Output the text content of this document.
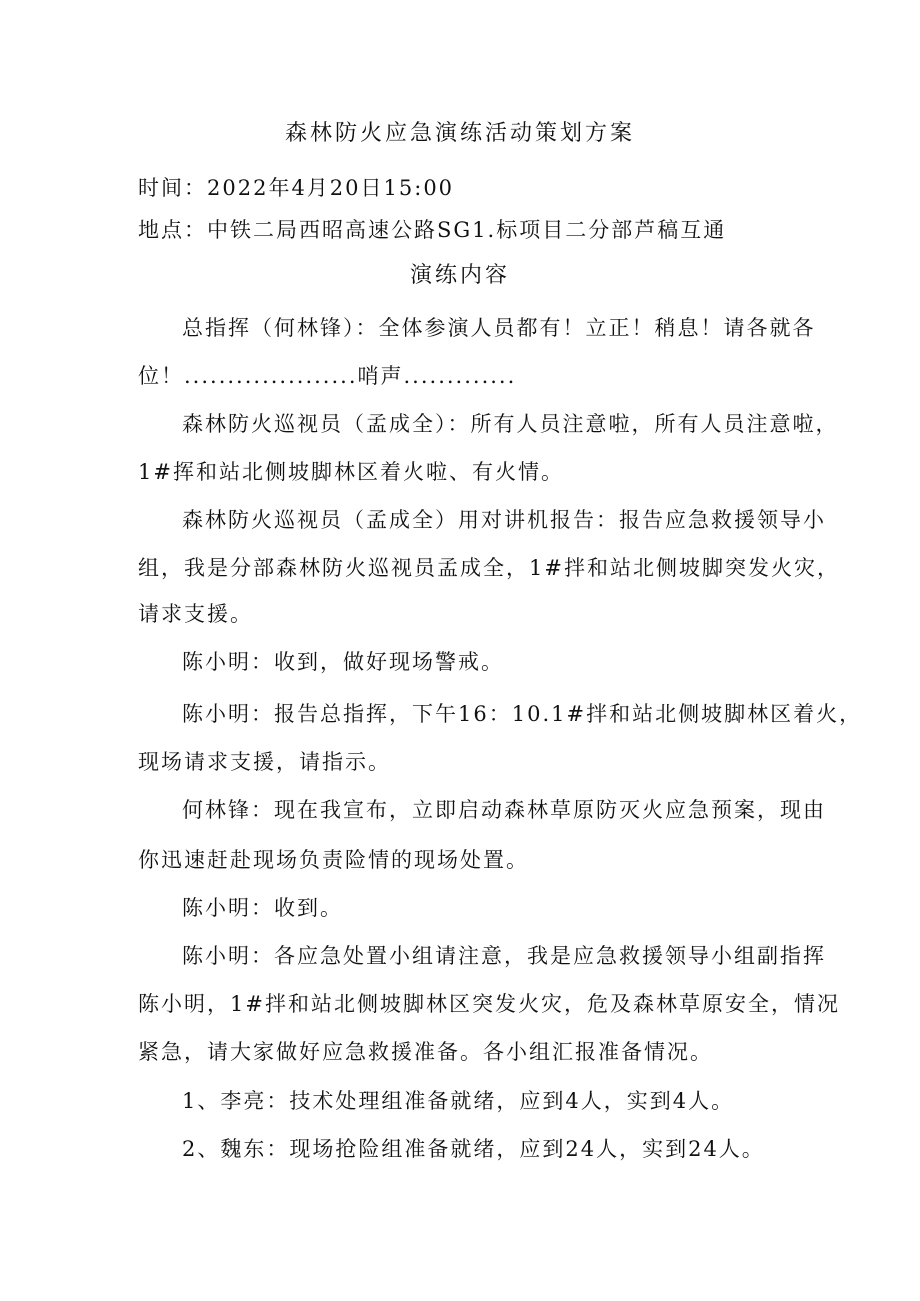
森林防火应急演练活动策划方案
时间：2022年4月20日15:00
地点：中铁二局西昭高速公路SG1.标项目二分部芦稿互通
演练内容
总指挥（何林锋）：全体参演人员都有！立正！稍息！请各就各
位！....................哨声.............
森林防火巡视员（孟成全）：所有人员注意啦，所有人员注意啦，
1#挥和站北侧坡脚林区着火啦、有火情。
森林防火巡视员（孟成全）用对讲机报告：报告应急救援领导小
组，我是分部森林防火巡视员孟成全，1#拌和站北侧坡脚突发火灾，
请求支援。
陈小明：收到，做好现场警戒。
陈小明：报告总指挥，下午16：10.1#拌和站北侧坡脚林区着火，
现场请求支援，请指示。
何林锋：现在我宣布，立即启动森林草原防灭火应急预案，现由
你迅速赶赴现场负责险情的现场处置。
陈小明：收到。
陈小明：各应急处置小组请注意，我是应急救援领导小组副指挥
陈小明，1#拌和站北侧坡脚林区突发火灾，危及森林草原安全，情况
紧急，请大家做好应急救援准备。各小组汇报准备情况。
1、李亮：技术处理组准备就绪，应到4人，实到4人。
2、魏东：现场抢险组准备就绪，应到24人，实到24人。
